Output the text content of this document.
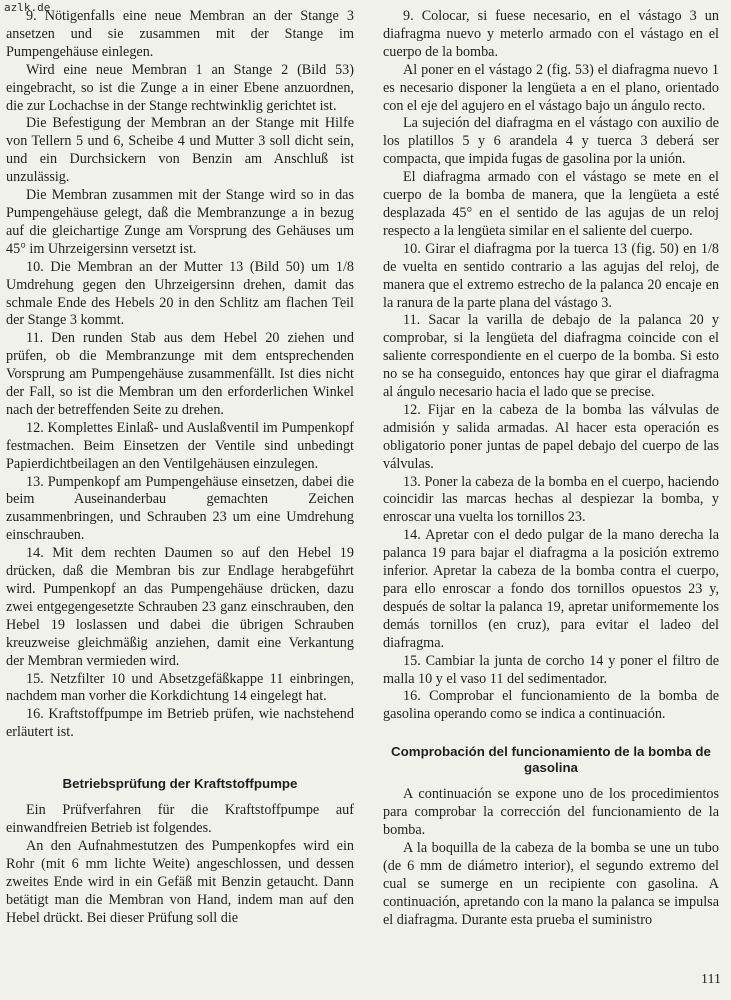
azlk.de

9. Nötigenfalls eine neue Membran an der Stange 3 ansetzen und sie zusammen mit der Stange im Pumpengehäuse einlegen.

Wird eine neue Membran 1 an Stange 2 (Bild 53) eingebracht, so ist die Zunge a in einer Ebene anzuordnen, die zur Lochachse in der Stange rechtwinklig gerichtet ist.

Die Befestigung der Membran an der Stange mit Hilfe von Tellern 5 und 6, Scheibe 4 und Mutter 3 soll dicht sein, und ein Durchsickern von Benzin am Anschluß ist unzulässig.

Die Membran zusammen mit der Stange wird so in das Pumpengehäuse gelegt, daß die Membranzunge a in bezug auf die gleichartige Zunge am Vorsprung des Gehäuses um 45° im Uhrzeigersinn versetzt ist.

10. Die Membran an der Mutter 13 (Bild 50) um 1/8 Umdrehung gegen den Uhrzeigersinn drehen, damit das schmale Ende des Hebels 20 in den Schlitz am flachen Teil der Stange 3 kommt.

11. Den runden Stab aus dem Hebel 20 ziehen und prüfen, ob die Membranzunge mit dem entsprechenden Vorsprung am Pumpengehäuse zusammenfällt. Ist dies nicht der Fall, so ist die Membran um den erforderlichen Winkel nach der betreffenden Seite zu drehen.

12. Komplettes Einlaß- und Auslaßventil im Pumpenkopf festmachen. Beim Einsetzen der Ventile sind unbedingt Papierdichtbeilagen an den Ventilgehäusen einzulegen.

13. Pumpenkopf am Pumpengehäuse einsetzen, dabei die beim Auseinanderbau gemachten Zeichen zusammenbringen, und Schrauben 23 um eine Umdrehung einschrauben.

14. Mit dem rechten Daumen so auf den Hebel 19 drücken, daß die Membran bis zur Endlage herabgeführt wird. Pumpenkopf an das Pumpengehäuse drücken, dazu zwei entgegengesetzte Schrauben 23 ganz einschrauben, den Hebel 19 loslassen und dabei die übrigen Schrauben kreuzweise gleichmäßig anziehen, damit eine Verkantung der Membran vermieden wird.

15. Netzfilter 10 und Absetzgefäßkappe 11 einbringen, nachdem man vorher die Korkdichtung 14 eingelegt hat.

16. Kraftstoffpumpe im Betrieb prüfen, wie nachstehend erläutert ist.

Betriebsprüfung der Kraftstoffpumpe

Ein Prüfverfahren für die Kraftstoffpumpe auf einwandfreien Betrieb ist folgendes.

An den Aufnahmestutzen des Pumpenkopfes wird ein Rohr (mit 6 mm lichte Weite) angeschlossen, und dessen zweites Ende wird in ein Gefäß mit Benzin getaucht. Dann betätigt man die Membran von Hand, indem man auf den Hebel drückt. Bei dieser Prüfung soll die

9. Colocar, si fuese necesario, en el vástago 3 un diafragma nuevo y meterlo armado con el vástago en el cuerpo de la bomba.

Al poner en el vástago 2 (fig. 53) el diafragma nuevo 1 es necesario disponer la lengüeta a en el plano, orientado con el eje del agujero en el vástago bajo un ángulo recto.

La sujeción del diafragma en el vástago con auxilio de los platillos 5 y 6 arandela 4 y tuerca 3 deberá ser compacta, que impida fugas de gasolina por la unión.

El diafragma armado con el vástago se mete en el cuerpo de la bomba de manera, que la lengüeta a esté desplazada 45° en el sentido de las agujas de un reloj respecto a la lengüeta similar en el saliente del cuerpo.

10. Girar el diafragma por la tuerca 13 (fig. 50) en 1/8 de vuelta en sentido contrario a las agujas del reloj, de manera que el extremo estrecho de la palanca 20 encaje en la ranura de la parte plana del vástago 3.

11. Sacar la varilla de debajo de la palanca 20 y comprobar, si la lengüeta del diafragma coincide con el saliente correspondiente en el cuerpo de la bomba. Si esto no se ha conseguido, entonces hay que girar el diafragma al ángulo necesario hacia el lado que se precise.

12. Fijar en la cabeza de la bomba las válvulas de admisión y salida armadas. Al hacer esta operación es obligatorio poner juntas de papel debajo del cuerpo de las válvulas.

13. Poner la cabeza de la bomba en el cuerpo, haciendo coincidir las marcas hechas al despiezar la bomba, y enroscar una vuelta los tornillos 23.

14. Apretar con el dedo pulgar de la mano derecha la palanca 19 para bajar el diafragma a la posición extremo inferior. Apretar la cabeza de la bomba contra el cuerpo, para ello enroscar a fondo dos tornillos opuestos 23 y, después de soltar la palanca 19, apretar uniformemente los demás tornillos (en cruz), para evitar el ladeo del diafragma.

15. Cambiar la junta de corcho 14 y poner el filtro de malla 10 y el vaso 11 del sedimentador.

16. Comprobar el funcionamiento de la bomba de gasolina operando como se indica a continuación.

Comprobación del funcionamiento de la bomba de gasolina

A continuación se expone uno de los procedimientos para comprobar la corrección del funcionamiento de la bomba.

A la boquilla de la cabeza de la bomba se une un tubo (de 6 mm de diámetro interior), el segundo extremo del cual se sumerge en un recipiente con gasolina. A continuación, apretando con la mano la palanca se impulsa el diafragma. Durante esta prueba el suministro

111
